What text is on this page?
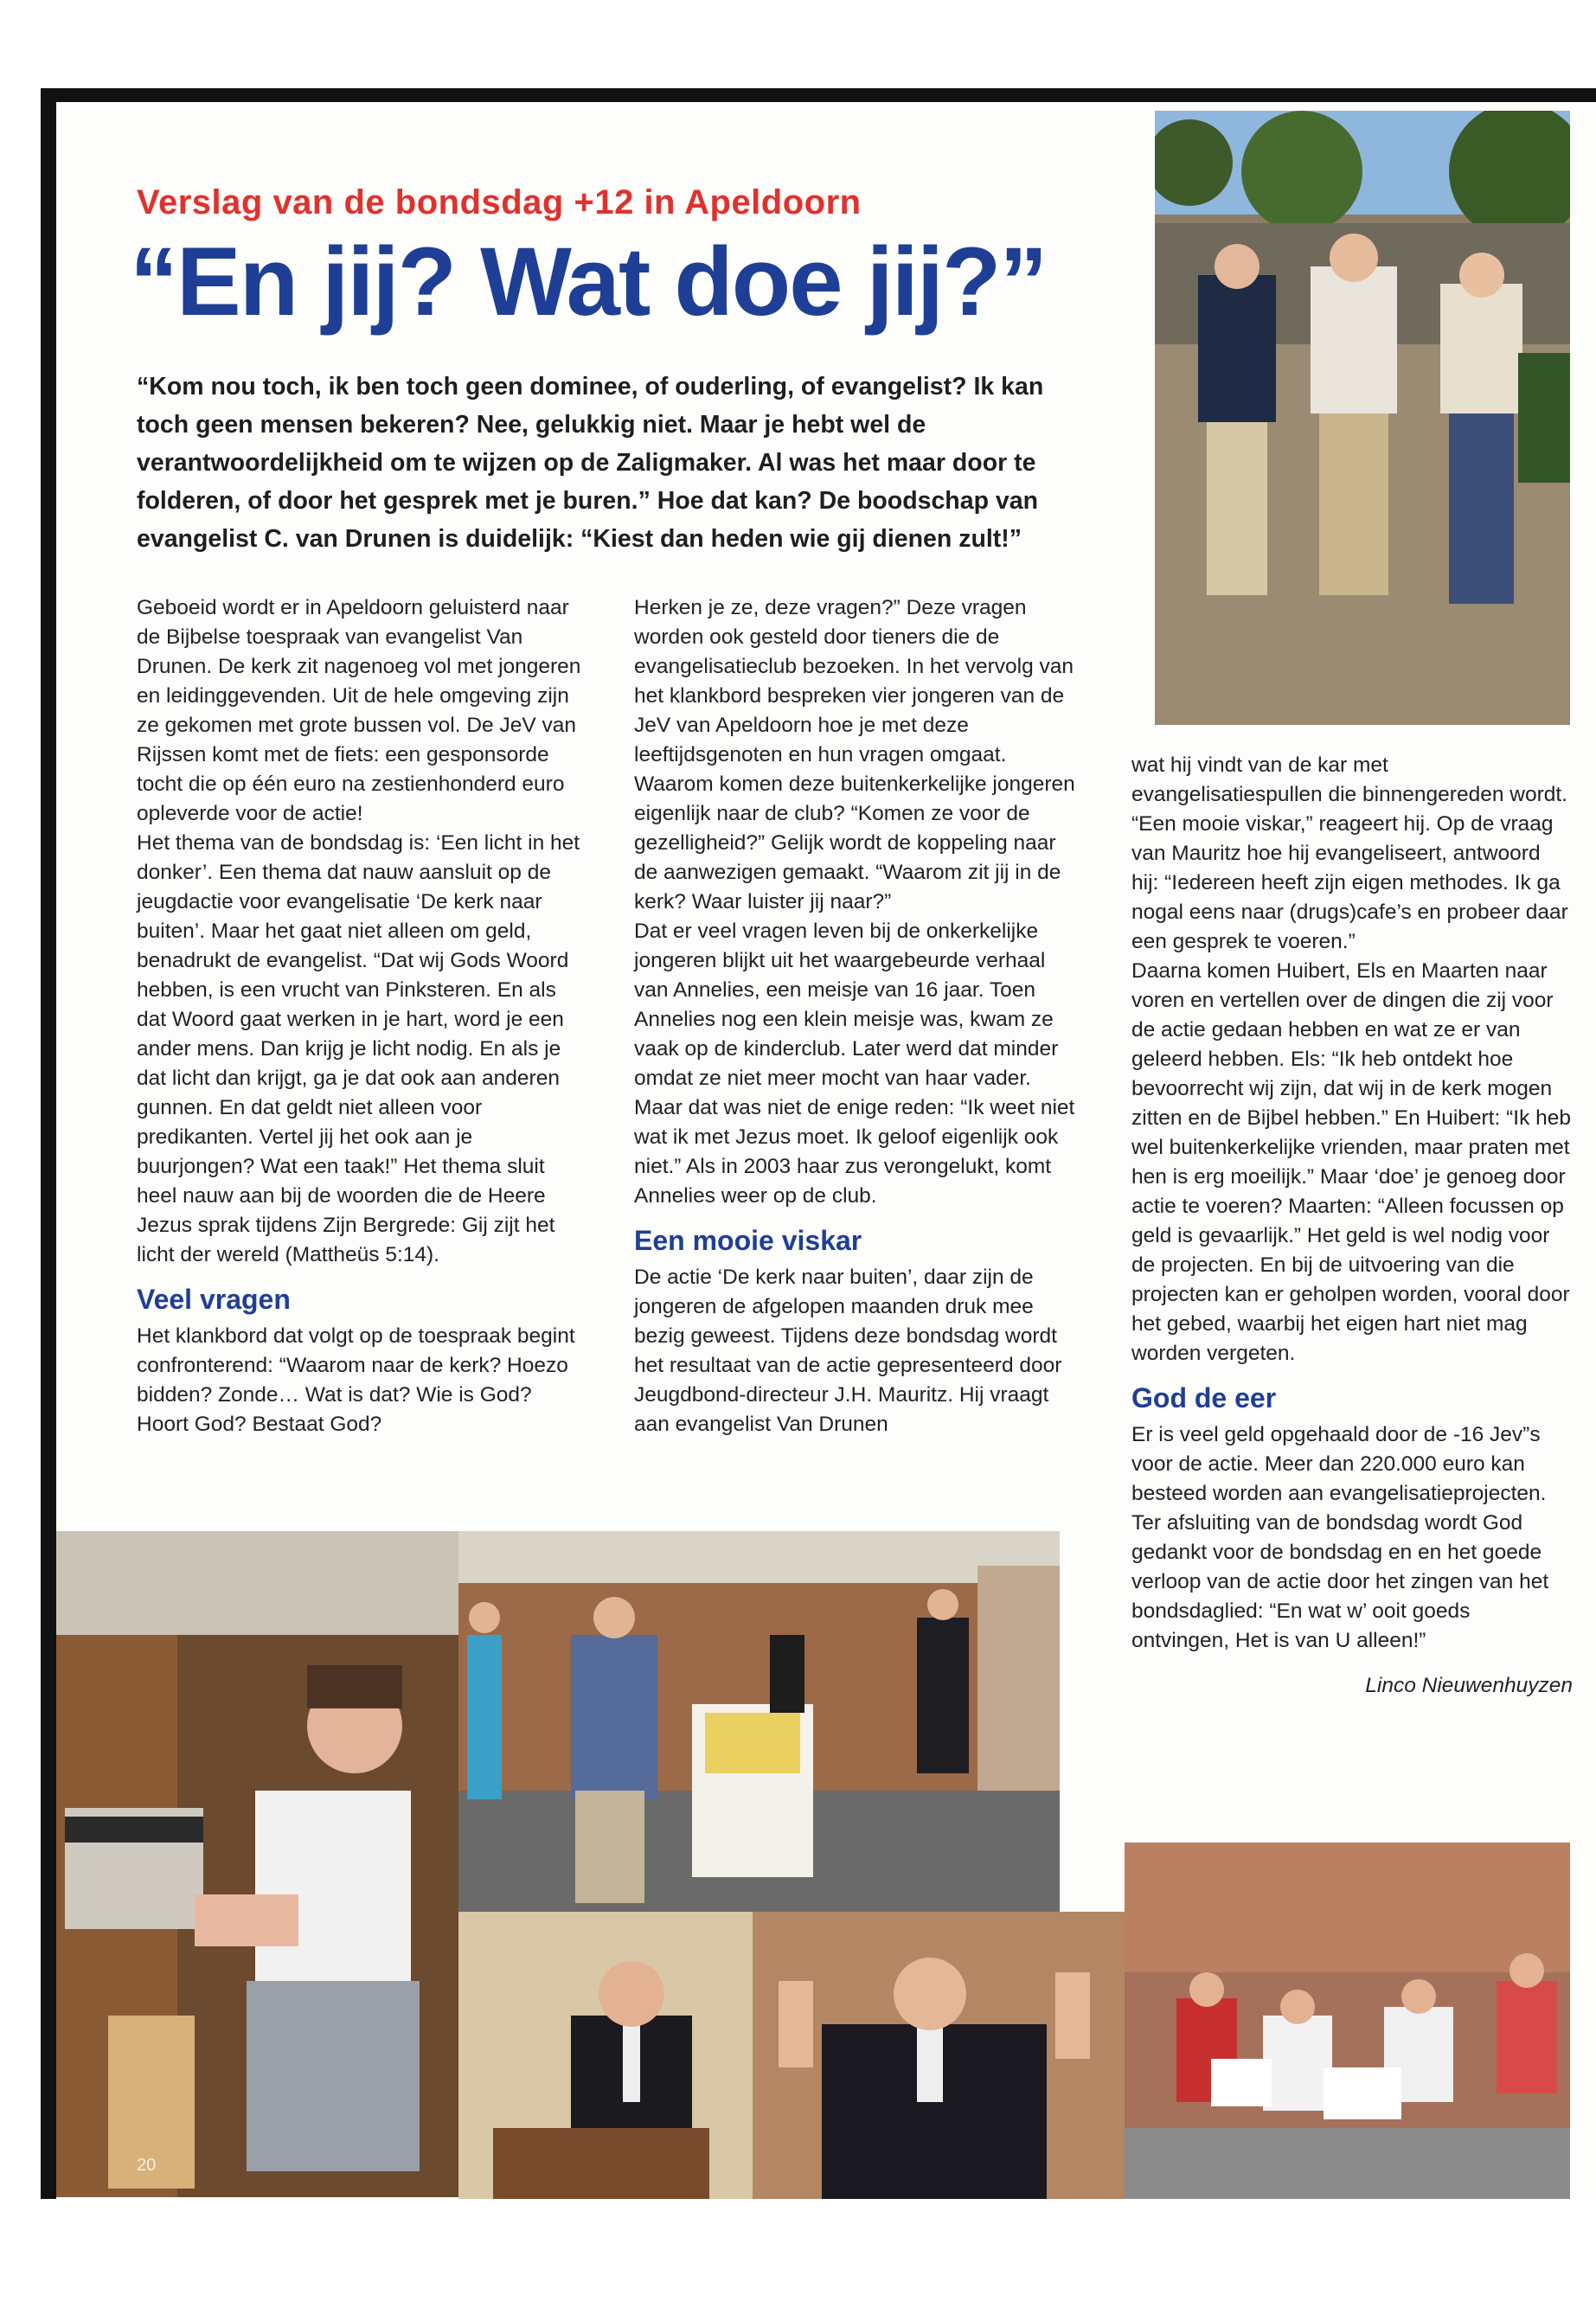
Verslag van de bondsdag +12 in Apeldoorn
“En jij? Wat doe jij?”
“Kom nou toch, ik ben toch geen dominee, of ouderling, of evangelist? Ik kan toch geen mensen bekeren? Nee, gelukkig niet. Maar je hebt wel de verantwoordelijkheid om te wijzen op de Zaligmaker. Al was het maar door te folderen, of door het gesprek met je buren.” Hoe dat kan? De boodschap van evangelist C. van Drunen is duidelijk: “Kiest dan heden wie gij dienen zult!”

Geboeid wordt er in Apeldoorn geluisterd naar de Bijbelse toespraak van evangelist Van Drunen. De kerk zit nagenoeg vol met jongeren en leidinggevenden. Uit de hele omgeving zijn ze gekomen met grote bussen vol. De JeV van Rijssen komt met de fiets: een gesponsorde tocht die op één euro na zestienhonderd euro opleverde voor de actie!

Het thema van de bondsdag is: ‘Een licht in het donker’. Een thema dat nauw aansluit op de jeugdactie voor evangelisatie ‘De kerk naar buiten’. Maar het gaat niet alleen om geld, benadrukt de evangelist. “Dat wij Gods Woord hebben, is een vrucht van Pinksteren. En als dat Woord gaat werken in je hart, word je een ander mens. Dan krijg je licht nodig. En als je dat licht dan krijgt, ga je dat ook aan anderen gunnen. En dat geldt niet alleen voor predikanten. Vertel jij het ook aan je buurjongen? Wat een taak!” Het thema sluit heel nauw aan bij de woorden die de Heere Jezus sprak tijdens Zijn Bergrede: Gij zijt het licht der wereld (Mattheüs 5:14).

Veel vragen

Het klankbord dat volgt op de toespraak begint confronterend: “Waarom naar de kerk? Hoezo bidden? Zonde… Wat is dat? Wie is God? Hoort God? Bestaat God?

Herken je ze, deze vragen?” Deze vragen worden ook gesteld door tieners die de evangelisatieclub bezoeken. In het vervolg van het klankbord bespreken vier jongeren van de JeV van Apeldoorn hoe je met deze leeftijdsgenoten en hun vragen omgaat. Waarom komen deze buitenkerkelijke jongeren eigenlijk naar de club? “Komen ze voor de gezelligheid?” Gelijk wordt de koppeling naar de aanwezigen gemaakt. “Waarom zit jij in de kerk? Waar luister jij naar?”

Dat er veel vragen leven bij de onkerkelijke jongeren blijkt uit het waargebeurde verhaal van Annelies, een meisje van 16 jaar. Toen Annelies nog een klein meisje was, kwam ze vaak op de kinderclub. Later werd dat minder omdat ze niet meer mocht van haar vader. Maar dat was niet de enige reden: “Ik weet niet wat ik met Jezus moet. Ik geloof eigenlijk ook niet.” Als in 2003 haar zus verongelukt, komt Annelies weer op de club.

Een mooie viskar

De actie ‘De kerk naar buiten’, daar zijn de jongeren de afgelopen maanden druk mee bezig geweest. Tijdens deze bondsdag wordt het resultaat van de actie gepresenteerd door Jeugdbond-directeur J.H. Mauritz. Hij vraagt aan evangelist Van Drunen

wat hij vindt van de kar met evangelisatiespullen die binnengereden wordt. “Een mooie viskar,” reageert hij. Op de vraag van Mauritz hoe hij evangeliseert, antwoord hij: “Iedereen heeft zijn eigen methodes. Ik ga nogal eens naar (drugs)cafe’s en probeer daar een gesprek te voeren.”

Daarna komen Huibert, Els en Maarten naar voren en vertellen over de dingen die zij voor de actie gedaan hebben en wat ze er van geleerd hebben. Els: “Ik heb ontdekt hoe bevoorrecht wij zijn, dat wij in de kerk mogen zitten en de Bijbel hebben.” En Huibert: “Ik heb wel buitenkerkelijke vrienden, maar praten met hen is erg moeilijk.” Maar ‘doe’ je genoeg door actie te voeren? Maarten: “Alleen focussen op geld is gevaarlijk.” Het geld is wel nodig voor de projecten. En bij de uitvoering van die projecten kan er geholpen worden, vooral door het gebed, waarbij het eigen hart niet mag worden vergeten.

God de eer

Er is veel geld opgehaald door de -16 Jev”s voor de actie. Meer dan 220.000 euro kan besteed worden aan evangelisatieprojecten. Ter afsluiting van de bondsdag wordt God gedankt voor de bondsdag en en het goede verloop van de actie door het zingen van het bondsdaglied: “En wat w’ ooit goeds ontvingen, Het is van U alleen!”

Linco Nieuwenhuyzen

20
